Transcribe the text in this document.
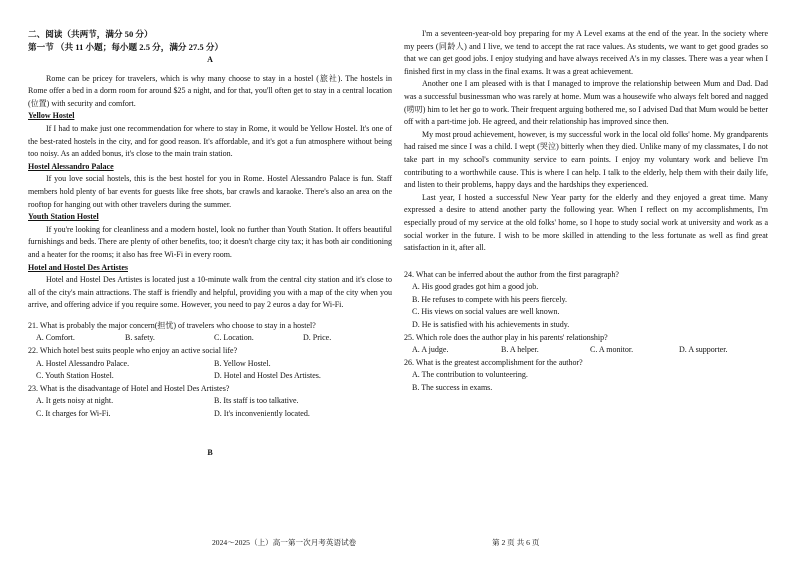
二、阅读（共两节，满分 50 分）
第一节 （共 11 小题；每小题 2.5 分，满分 27.5 分）
A

Rome can be pricey for travelers, which is why many choose to stay in a hostel (旅社). The hostels in Rome offer a bed in a dorm room for around $25 a night, and for that, you'll often get to stay in a central location (位置) with security and comfort.

Yellow Hostel

If I had to make just one recommendation for where to stay in Rome, it would be Yellow Hostel. It's one of the best-rated hostels in the city, and for good reason. It's affordable, and it's got a fun atmosphere without being too noisy. As an added bonus, it's close to the main train station.

Hostel Alessandro Palace

If you love social hostels, this is the best hostel for you in Rome. Hostel Alessandro Palace is fun. Staff members hold plenty of bar events for guests like free shots, bar crawls and karaoke. There's also an area on the rooftop for hanging out with other travelers during the summer.

Youth Station Hostel

If you're looking for cleanliness and a modern hostel, look no further than Youth Station. It offers beautiful furnishings and beds. There are plenty of other benefits, too; it doesn't charge city tax; it has both air conditioning and a heater for the rooms; it also has free Wi-Fi in every room.

Hotel and Hostel Des Artistes

Hotel and Hostel Des Artistes is located just a 10-minute walk from the central city station and it's close to all of the city's main attractions. The staff is friendly and helpful, providing you with a map of the city when you arrive, and offering advice if you require some. However, you need to pay 2 euros a day for Wi-Fi.

21. What is probably the major concern(担忧) of travelers who choose to stay in a hostel?
A. Comfort.	B. safety.	C. Location.	D. Price.
22. Which hotel best suits people who enjoy an active social life?
A. Hostel Alessandro Palace.	B. Yellow Hostel.
C. Youth Station Hostel.	D. Hotel and Hostel Des Artistes.
23. What is the disadvantage of Hotel and Hostel Des Artistes?
A. It gets noisy at night.	B. Its staff is too talkative.
C. It charges for Wi-Fi.	D. It's inconveniently located.
B
2024～2025（上）高一第一次月考英语试卷

I'm a seventeen-year-old boy preparing for my A Level exams at the end of the year. In the society where my peers (同龄人) and I live, we tend to accept the rat race values. As students, we want to get good grades so that we can get good jobs. I enjoy studying and have always received A's in my classes. There was a year when I finished first in my class in the final exams. It was a great achievement.

Another one I am pleased with is that I managed to improve the relationship between Mum and Dad. Dad was a successful businessman who was rarely at home. Mum was a housewife who always felt bored and nagged (唠叨) him to let her go to work. Their frequent arguing bothered me, so I advised Dad that Mum would be better off with a part-time job. He agreed, and their relationship has improved since then.

My most proud achievement, however, is my successful work in the local old folks' home. My grandparents had raised me since I was a child. I wept (哭泣) bitterly when they died. Unlike many of my classmates, I do not take part in my school's community service to earn points. I enjoy my voluntary work and believe I'm contributing to a worthwhile cause. This is where I can help. I talk to the elderly, help them with their daily life, and listen to their problems, happy days and the hardships they experienced.

Last year, I hosted a successful New Year party for the elderly and they enjoyed a great time. Many expressed a desire to attend another party the following year. When I reflect on my accomplishments, I'm especially proud of my service at the old folks' home, so I hope to study social work at university and work as a social worker in the future. I wish to be more skilled in attending to the less fortunate as well as find great satisfaction in it, after all.

24. What can be inferred about the author from the first paragraph?
A. His good grades got him a good job.
B. He refuses to compete with his peers fiercely.
C. His views on social values are well known.
D. He is satisfied with his achievements in study.
25. Which role does the author play in his parents' relationship?
A. A judge.	B. A helper.	C. A monitor.	D. A supporter.
26. What is the greatest accomplishment for the author?
A. The contribution to volunteering.
B. The success in exams.
第 2 页 共 6 页
